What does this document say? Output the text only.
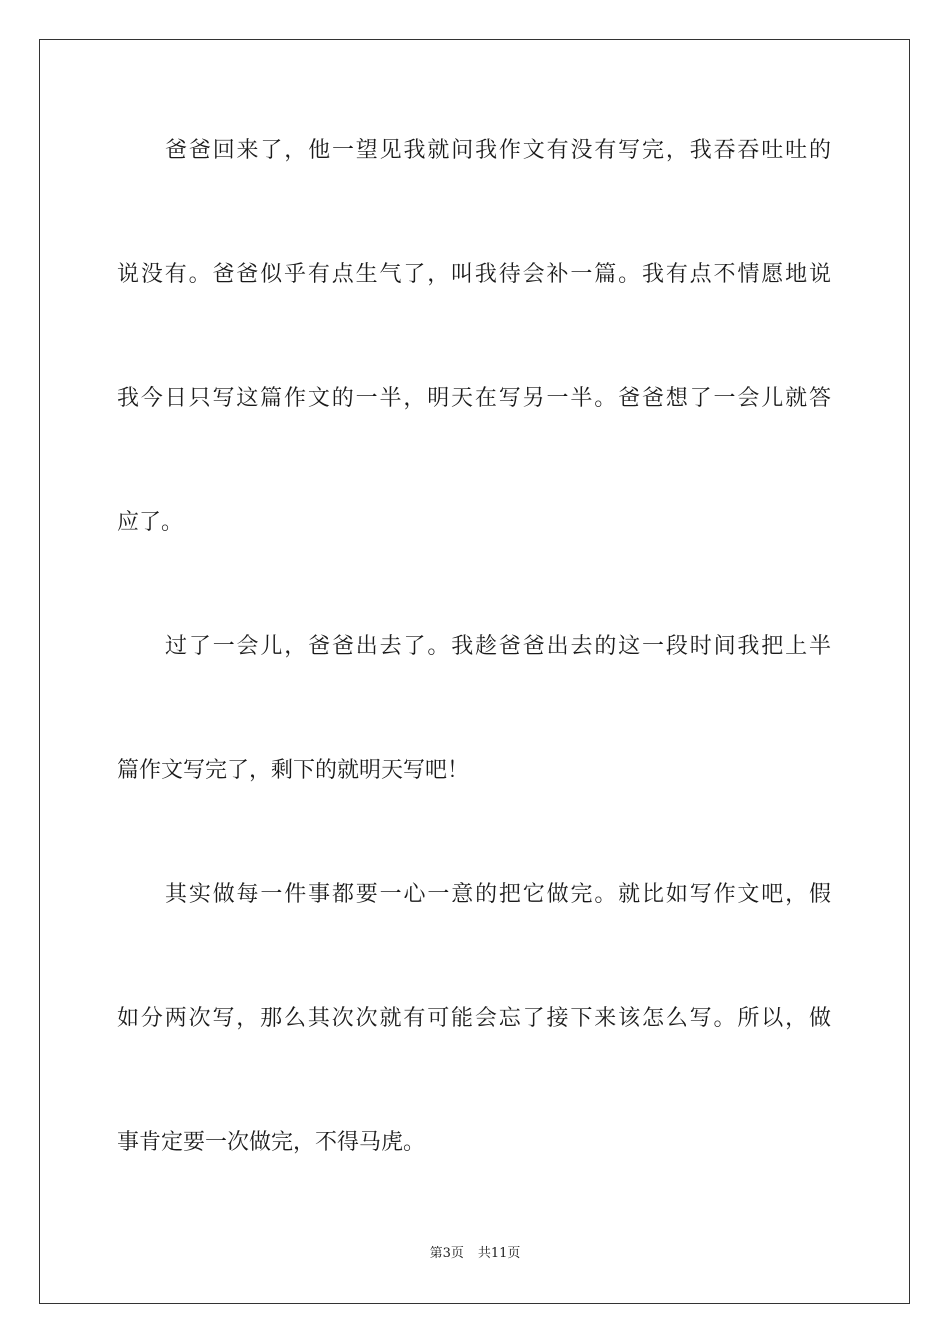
爸爸回来了，他一望见我就问我作文有没有写完，我吞吞吐吐的
说没有。爸爸似乎有点生气了，叫我待会补一篇。我有点不情愿地说
我今日只写这篇作文的一半，明天在写另一半。爸爸想了一会儿就答
应了。
过了一会儿，爸爸出去了。我趁爸爸出去的这一段时间我把上半
篇作文写完了，剩下的就明天写吧！
其实做每一件事都要一心一意的把它做完。就比如写作文吧，假
如分两次写，那么其次次就有可能会忘了接下来该怎么写。所以，做
事肯定要一次做完，不得马虎。
第3页 共11页
